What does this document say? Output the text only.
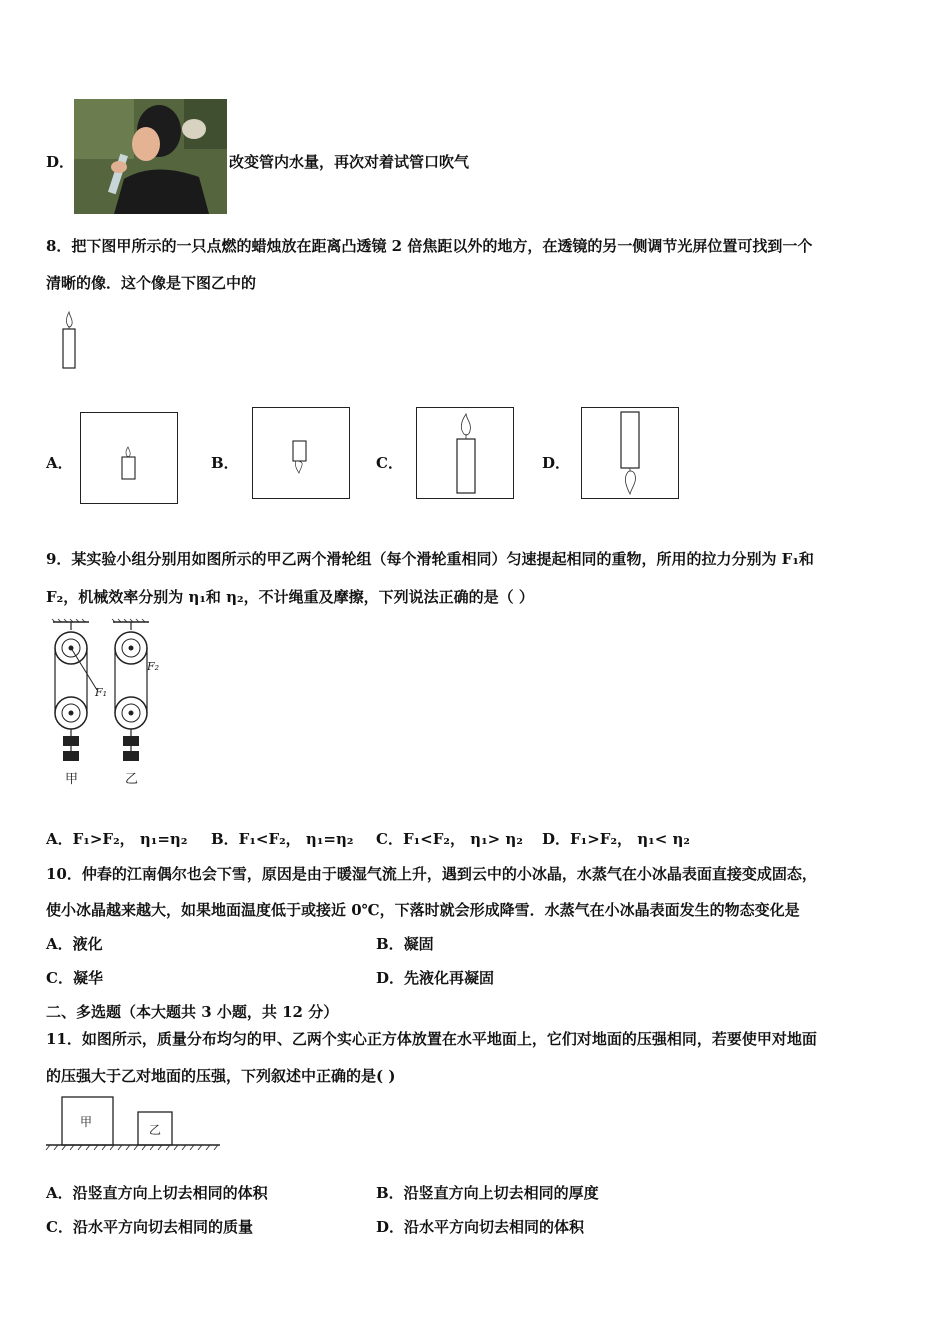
D．	改变管内水量，再次对着试管口吹气
8．把下图甲所示的一只点燃的蜡烛放在距离凸透镜 2 倍焦距以外的地方，在透镜的另一侧调节光屏位置可找到一个
清晰的像．这个像是下图乙中的
A．	B．	C．	D．
9．某实验小组分别用如图所示的甲乙两个滑轮组（每个滑轮重相同）匀速提起相同的重物，所用的拉力分别为 F₁和
F₂，机械效率分别为 η₁和 η₂，不计绳重及摩擦，下列说法正确的是（ ）
F₁
甲
F₂
乙
A．F₁>F₂， η₁=η₂ B．F₁<F₂， η₁=η₂ C．F₁<F₂， η₁> η₂ D．F₁>F₂， η₁< η₂
10．仲春的江南偶尔也会下雪，原因是由于暖湿气流上升，遇到云中的小冰晶，水蒸气在小冰晶表面直接变成固态，
使小冰晶越来越大，如果地面温度低于或接近 0℃，下落时就会形成降雪．水蒸气在小冰晶表面发生的物态变化是
A．液化	B．凝固
C．凝华	D．先液化再凝固
二、多选题（本大题共 3 小题，共 12 分）
11．如图所示，质量分布均匀的甲、乙两个实心正方体放置在水平地面上，它们对地面的压强相同，若要使甲对地面
的压强大于乙对地面的压强，下列叙述中正确的是( )
甲
乙
A．沿竖直方向上切去相同的体积	B．沿竖直方向上切去相同的厚度
C．沿水平方向切去相同的质量	D．沿水平方向切去相同的体积
